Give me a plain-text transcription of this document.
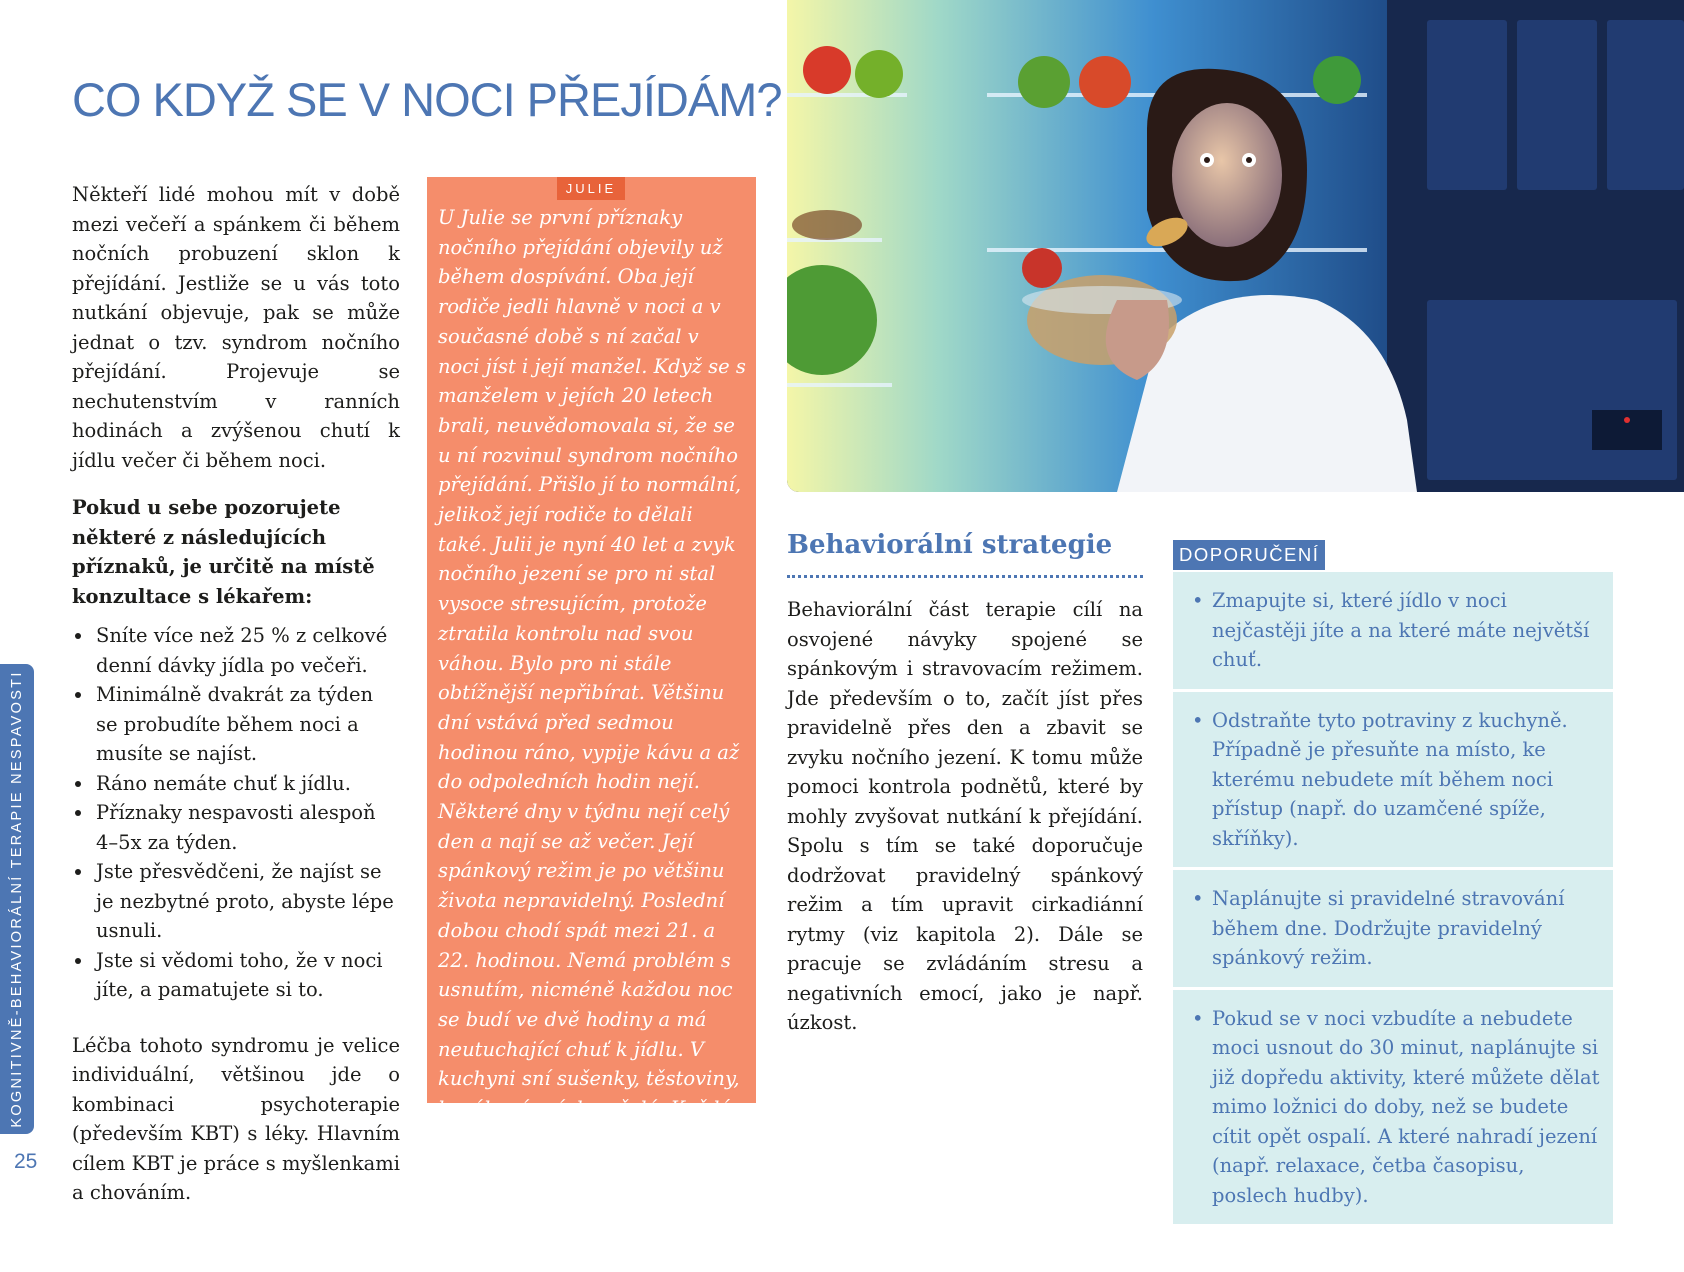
CO KDYŽ SE V NOCI PŘEJÍDÁM?

Někteří lidé mohou mít v době mezi večeří a spánkem či během nočních probuzení sklon k přejídání. Jestliže se u vás toto nutkání objevuje, pak se může jednat o tzv. syndrom nočního přejídání. Projevuje se nechutenstvím v ranních hodinách a zvýšenou chutí k jídlu večer či během noci.

Pokud u sebe pozorujete některé z následujících příznaků, je určitě na místě konzultace s lékařem:

• Sníte více než 25 % z celkové denní dávky jídla po večeři.
• Minimálně dvakrát za týden se probudíte během noci a musíte se najíst.
• Ráno nemáte chuť k jídlu.
• Příznaky nespavosti alespoň 4–5x za týden.
• Jste přesvědčeni, že najíst se je nezbytné proto, abyste lépe usnuli.
• Jste si vědomi toho, že v noci jíte, a pamatujete si to.

Léčba tohoto syndromu je velice individuální, většinou jde o kombinaci psychoterapie (především KBT) s léky. Hlavním cílem KBT je práce s myšlenkami a chováním.

KOGNITIVNĚ-BEHAVIORÁLNÍ TERAPIE NESPAVOSTI
25

U Julie se první příznaky nočního přejídání objevily už během dospívání. Oba její rodiče jedli hlavně v noci a v současné době s ní začal v noci jíst i její manžel. Když se s manželem v jejích 20 letech brali, neuvědomovala si, že se u ní rozvinul syndrom nočního přejídání. Přišlo jí to normální, jelikož její rodiče to dělali také. Julii je nyní 40 let a zvyk nočního jezení se pro ni stal vysoce stresujícím, protože ztratila kontrolu nad svou váhou. Bylo pro ni stále obtížnější nepřibírat. Většinu dní vstává před sedmou hodinou ráno, vypije kávu a až do odpoledních hodin nejí. Některé dny v týdnu nejí celý den a nají se až večer. Její spánkový režim je po většinu života nepravidelný. Poslední dobou chodí spát mezi 21. a 22. hodinou. Nemá problém s usnutím, nicméně každou noc se budí ve dvě hodiny a má neutuchající chuť k jídlu. V kuchyni sní sušenky, těstoviny, burákové máslo a želé. Každý večer už dopředu ví, že se v noci vzbudí a bude jíst. Je přesvědčená, že pokud by se nenajedla, celou noc by nespala.

JULIE
Behaviorální strategie

Behaviorální část terapie cílí na osvojené návyky spojené se spánkovým i stravovacím režimem. Jde především o to, začít jíst přes pravidelně přes den a zbavit se zvyku nočního jezení. K tomu může pomoci kontrola podnětů, které by mohly zvyšovat nutkání k přejídání. Spolu s tím se také doporučuje dodržovat pravidelný spánkový režim a tím upravit cirkadiánní rytmy (viz kapitola 2). Dále se pracuje se zvládáním stresu a negativních emocí, jako je např. úzkost.

DOPORUČENÍ
• Zmapujte si, které jídlo v noci nejčastěji jíte a na které máte největší chuť.
• Odstraňte tyto potraviny z kuchyně. Případně je přesuňte na místo, ke kterému nebudete mít během noci přístup (např. do uzamčené spíže, skříňky).
• Naplánujte si pravidelné stravování během dne. Dodržujte pravidelný spánkový režim.
• Pokud se v noci vzbudíte a nebudete moci usnout do 30 minut, naplánujte si již dopředu aktivity, které můžete dělat mimo ložnici do doby, než se budete cítit opět ospalí. A které nahradí jezení (např. relaxace, četba časopisu, poslech hudby).
